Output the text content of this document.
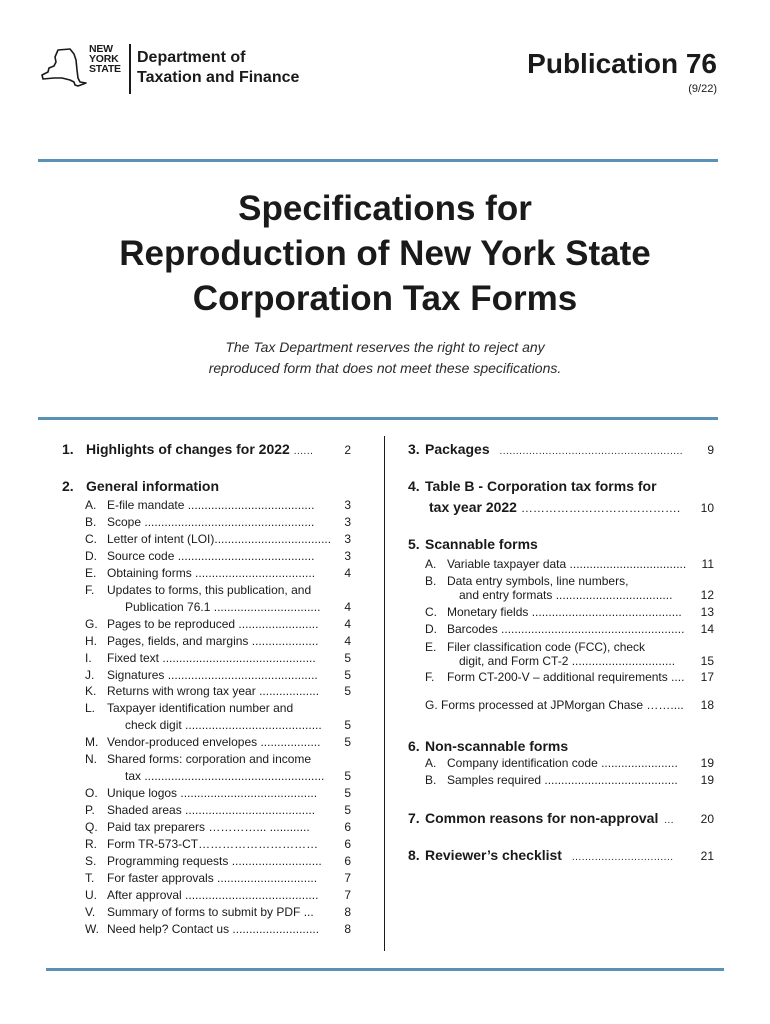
NEW
YORK
STATE
Department of
Taxation and Finance	Publication 76
(9/22)
Specifications for
Reproduction of New York State
Corporation Tax Forms
The Tax Department reserves the right to reject any
reproduced form that does not meet these specifications.
1. Highlights of changes for 2022 ......	2
2. General information
A. E-file mandate ......................................	3
B. Scope ...................................................	3
C. Letter of intent (LOI)...................................	3
D. Source code .........................................	3
E. Obtaining forms ....................................	4
F. Updates to forms, this publication, and
Publication 76.1 ................................	4
G. Pages to be reproduced ........................	4
H. Pages, fields, and margins ....................	4
I. Fixed text ..............................................	5
J. Signatures .............................................	5
K. Returns with wrong tax year ..................	5
L. Taxpayer identification number and
check digit .........................................	5
M. Vendor-produced envelopes ..................	5
N. Shared forms: corporation and income
tax ......................................................	5
O. Unique logos .........................................	5
P. Shaded areas .......................................	5
Q. Paid tax preparers …………... ............	6
R. Form TR-573-CT…………………………	6
S. Programming requests ...........................	6
T. For faster approvals ..............................	7
U. After approval ........................................	7
V. Summary of forms to submit by PDF ...	8
W. Need help? Contact us ..........................	8
3. Packages ........................................................	9
4. Table B - Corporation tax forms for
tax year 2022 ………………………………….	10
5. Scannable forms
A. Variable taxpayer data ...................................	11
B. Data entry symbols, line numbers,
and entry formats ...................................	12
C. Monetary fields .............................................	13
D. Barcodes .......................................................	14
E. Filer classification code (FCC), check
digit, and Form CT-2 ...............................	15
F. Form CT-200-V – additional requirements ....	17
G. Forms processed at JPMorgan Chase ……....	18
6. Non-scannable forms
A. Company identification code .......................	19
B. Samples required ........................................	19
7. Common reasons for non-approval ...	20
8. Reviewer’s checklist ...............................	21
